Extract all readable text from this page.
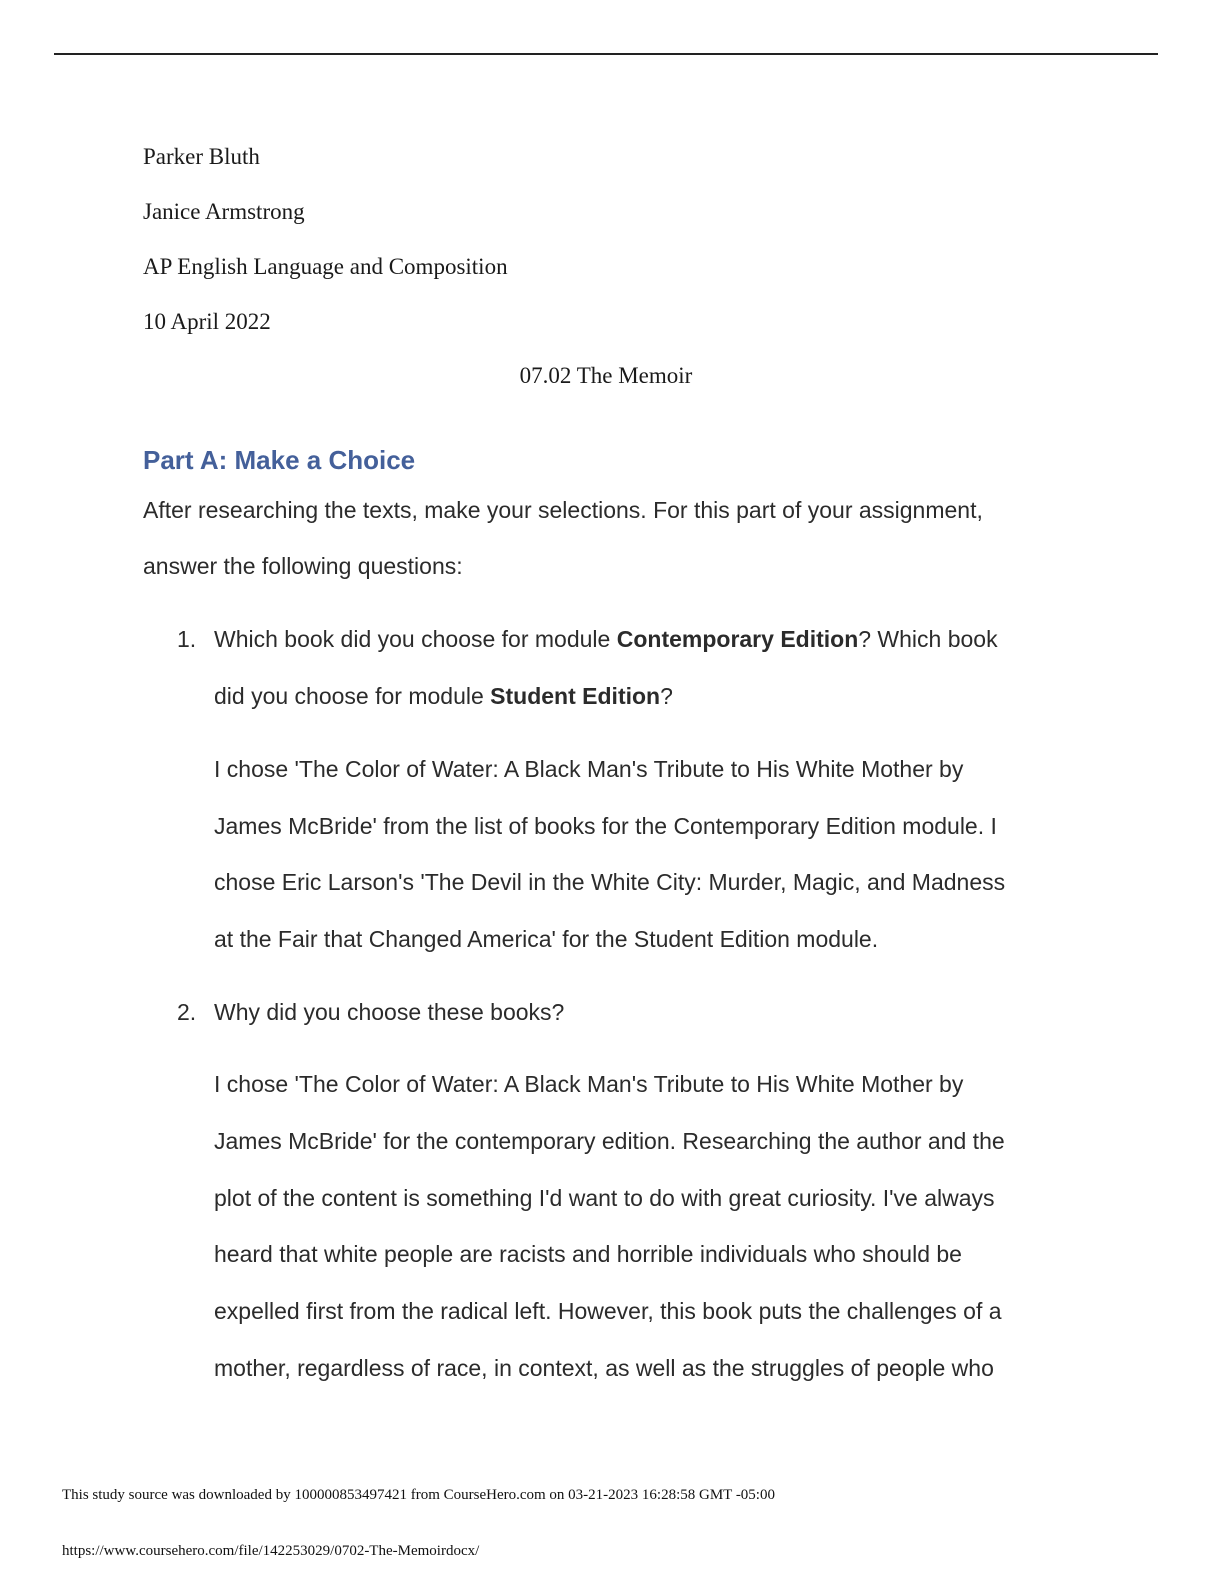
Parker Bluth
Janice Armstrong
AP English Language and Composition
10 April 2022
07.02 The Memoir
Part A: Make a Choice
After researching the texts, make your selections. For this part of your assignment,
answer the following questions:
1. Which book did you choose for module Contemporary Edition? Which book
did you choose for module Student Edition?
I chose 'The Color of Water: A Black Man's Tribute to His White Mother by
James McBride' from the list of books for the Contemporary Edition module. I
chose Eric Larson's 'The Devil in the White City: Murder, Magic, and Madness
at the Fair that Changed America' for the Student Edition module.
2. Why did you choose these books?
I chose 'The Color of Water: A Black Man's Tribute to His White Mother by
James McBride' for the contemporary edition. Researching the author and the
plot of the content is something I'd want to do with great curiosity. I've always
heard that white people are racists and horrible individuals who should be
expelled first from the radical left. However, this book puts the challenges of a
mother, regardless of race, in context, as well as the struggles of people who
This study source was downloaded by 100000853497421 from CourseHero.com on 03-21-2023 16:28:58 GMT -05:00
https://www.coursehero.com/file/142253029/0702-The-Memoirdocx/
